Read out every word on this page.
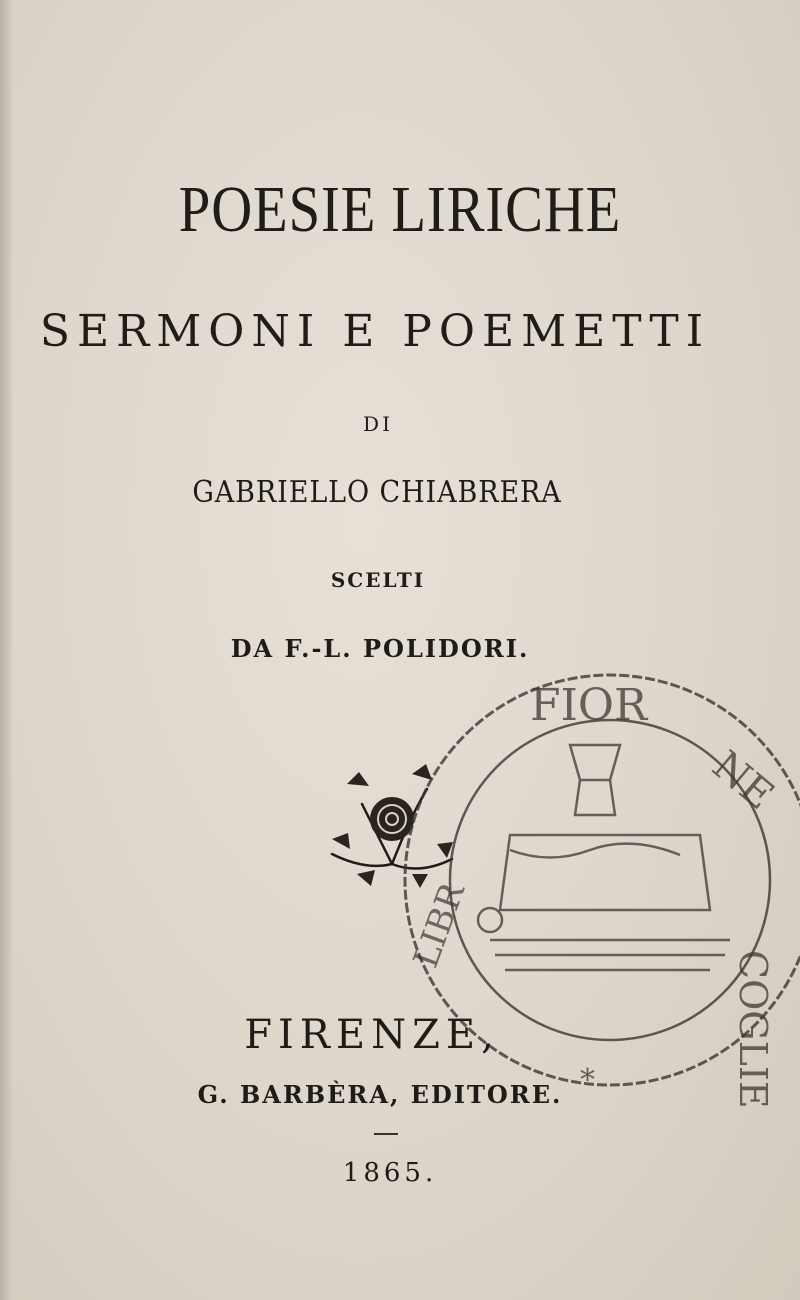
POESIE LIRICHE
SERMONI E POEMETTI
DI
GABRIELLO CHIABRERA
SCELTI
DA F.-L. POLIDORI.
FIOR
NE
COGLIE
LIBR
*
FIRENZE,
G. BARBÈRA, EDITORE.
1865.
